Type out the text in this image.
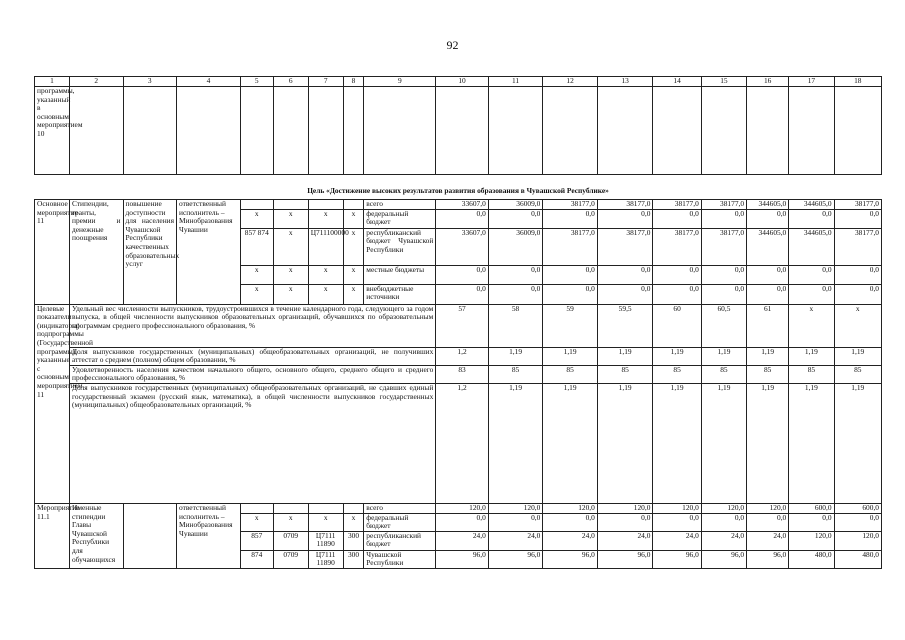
92
1	2	3	4	5	6	7	8	9	10	11	12	13	14	15	16	17	18
программы, указанный в основным мероприятием 10																	

Цель «Достижение высоких результатов развития образования в Чувашской Республике»																	
Основное мероприятие 11	Стипендии, гранты, премии и денежные поощрения	повышение доступности для населения Чувашской Республики качественных образовательных услуг	ответственный исполнитель – Минобразования Чувашии					всего	33607,0	36009,0	38177,0	38177,0	38177,0	38177,0	344605,0	344605,0	38177,0
				x	x	x	x	федеральный бюджет	0,0	0,0	0,0	0,0	0,0	0,0	0,0	0,0	0,0
				857 874	x	Ц711100000	x	республиканский бюджет Чувашской Республики	33607,0	36009,0	38177,0	38177,0	38177,0	38177,0	344605,0	344605,0	38177,0
				x	x	x	x	местные бюджеты	0,0	0,0	0,0	0,0	0,0	0,0	0,0	0,0	0,0
				x	x	x	x	внебюджетные источники	0,0	0,0	0,0	0,0	0,0	0,0	0,0	0,0	0,0
Целевые показатели (индикаторы) подпрограммы (Государственной программы), указанные с основным мероприятием 11	Удельный вес численности выпускников, трудоустроившихся в течение календарного года, следующего за годом выпуска, в общей численности выпускников образовательных организаций, обучавшихся по образовательным программам среднего профессионального образования, %								57	58	59	59,5	60	60,5	61	x	x
	Доля выпускников государственных (муниципальных) общеобразовательных организаций, не получивших аттестат о среднем (полном) общем образовании, %								1,2	1,19	1,19	1,19	1,19	1,19	1,19	1,19	1,19
	Удовлетворенность населения качеством начального общего, основного общего, среднего общего и среднего профессионального образования, %								83	85	85	85	85	85	85	85	85
	Доля выпускников государственных (муниципальных) общеобразовательных организаций, не сдавших единый государственный экзамен (русский язык, математика), в общей численности выпускников государственных (муниципальных) общеобразовательных организаций, %								1,2	1,19	1,19	1,19	1,19	1,19	1,19	1,19	1,19
Мероприятие 11.1	Именные стипендии Главы Чувашской Республики для обучающихся		ответственный исполнитель – Минобразования Чувашии					всего	120,0	120,0	120,0	120,0	120,0	120,0	120,0	600,0	600,0
				x	x	x	x	федеральный бюджет	0,0	0,0	0,0	0,0	0,0	0,0	0,0	0,0	0,0
				857	0709	Ц7111 11890	300	республиканский бюджет	24,0	24,0	24,0	24,0	24,0	24,0	24,0	120,0	120,0
				874	0709	Ц7111 11890	300	Чувашской Республики	96,0	96,0	96,0	96,0	96,0	96,0	96,0	480,0	480,0
